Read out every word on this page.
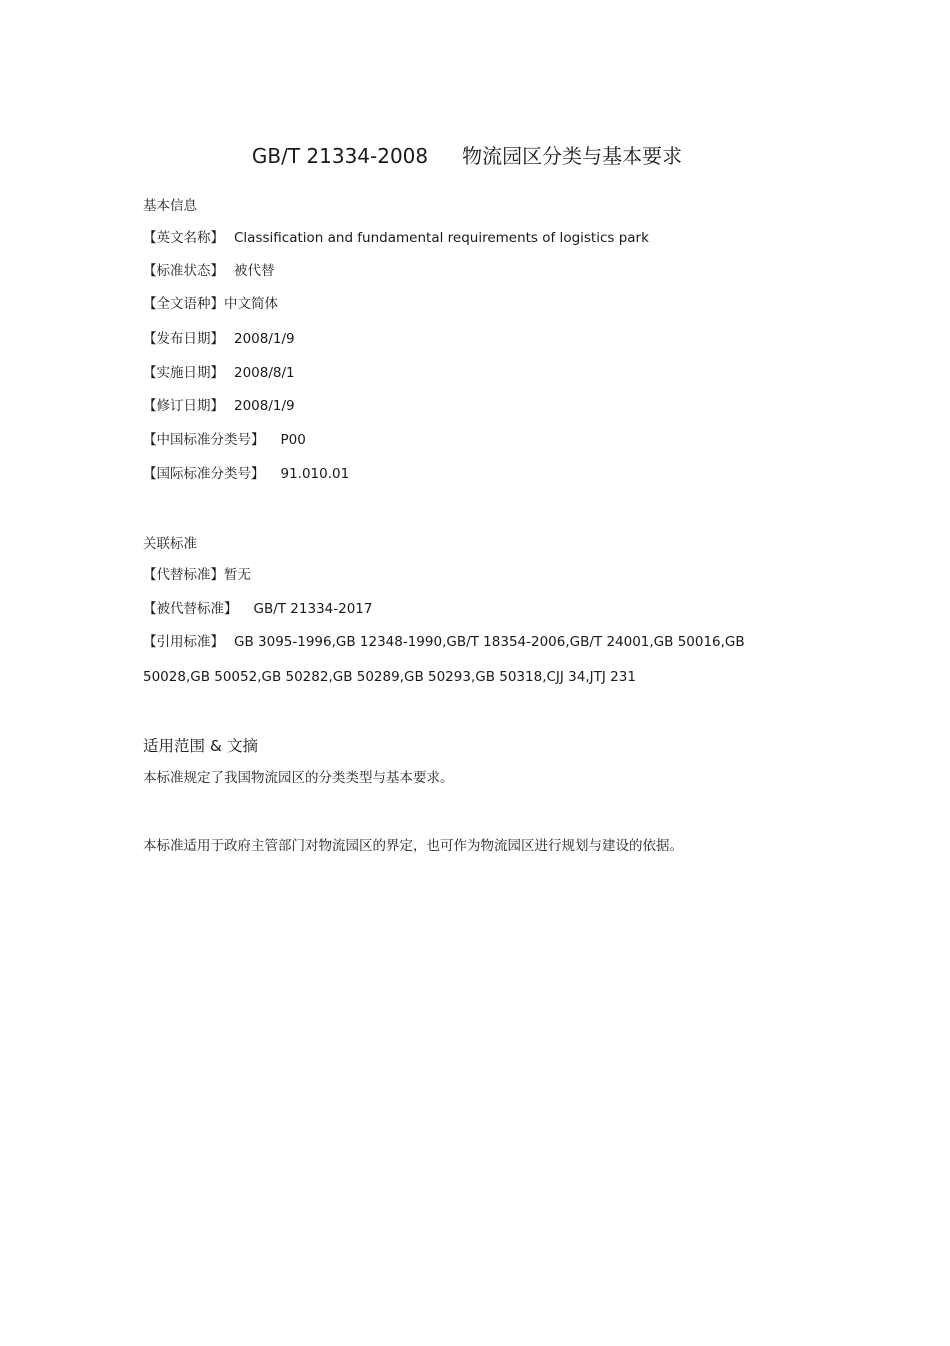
GB/T 21334-2008 物流园区分类与基本要求
基本信息
【英文名称】 Classification and fundamental requirements of logistics park
【标准状态】 被代替
【全文语种】中文简体
【发布日期】 2008/1/9
【实施日期】 2008/8/1
【修订日期】 2008/1/9
【中国标准分类号】 P00
【国际标准分类号】 91.010.01
关联标准
【代替标准】暂无
【被代替标准】 GB/T 21334-2017
【引用标准】 GB 3095-1996,GB 12348-1990,GB/T 18354-2006,GB/T 24001,GB 50016,GB
50028,GB 50052,GB 50282,GB 50289,GB 50293,GB 50318,CJJ 34,JTJ 231
适用范围 & 文摘
本标准规定了我国物流园区的分类类型与基本要求。
本标准适用于政府主管部门对物流园区的界定，也可作为物流园区进行规划与建设的依据。
